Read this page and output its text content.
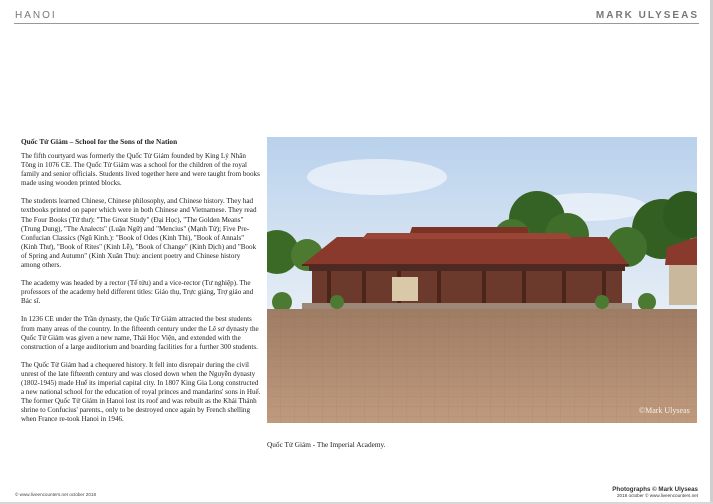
HANOI	MARK ULYSEAS
Quốc Tử Giám – School for the Sons of the Nation

The fifth courtyard was formerly the Quốc Tử Giám founded by King Lý Nhân Tông in 1076 CE. The Quốc Tử Giám was a school for the children of the royal family and senior officials. Students lived together here and were taught from books made using wooden printed blocks.

The students learned Chinese, Chinese philosophy, and Chinese history. They had textbooks printed on paper which were in both Chinese and Vietnamese. They read The Four Books (Tứ thư): "The Great Study" (Đại Học), "The Golden Means" (Trung Dung), "The Analects" (Luận Ngữ) and "Mencius" (Mạnh Tử); Five Pre-Confucian Classics (Ngũ Kinh.): "Book of Odes (Kinh Thi), "Book of Annals" (Kinh Thư), "Book of Rites" (Kinh Lễ), "Book of Change" (Kinh Dịch) and "Book of Spring and Autumn" (Kinh Xuân Thu): ancient poetry and Chinese history among others.

The academy was headed by a rector (Tế tửu) and a vice-rector (Tư nghiệp). The professors of the academy held different titles: Giáo thụ, Trực giảng, Trợ giáo and Bác sĩ.

In 1236 CE under the Trần dynasty, the Quốc Tử Giám attracted the best students from many areas of the country. In the fifteenth century under the Lê sơ dynasty the Quốc Tử Giám was given a new name, Thái Học Viện, and extended with the construction of a large auditorium and boarding facilities for a further 300 students.

The Quốc Tử Giám had a chequered history. It fell into disrepair during the civil unrest of the late fifteenth century and was closed down when the Nguyễn dynasty (1802-1945) made Huế its imperial capital city. In 1807 King Gia Long constructed a new national school for the education of royal princes and mandarins' sons in Huế. The former Quốc Tử Giám in Hanoi lost its roof and was rebuilt as the Khải Thánh shrine to Confucius' parents., only to be destroyed once again by French shelling when France re-took Hanoi in 1946.

©Mark Ulyseas
Quốc Tử Giám - The Imperial Academy.
© www.liveencounters.net october 2018
Photographs © Mark Ulyseas
2018 october © www.liveencounters.net
